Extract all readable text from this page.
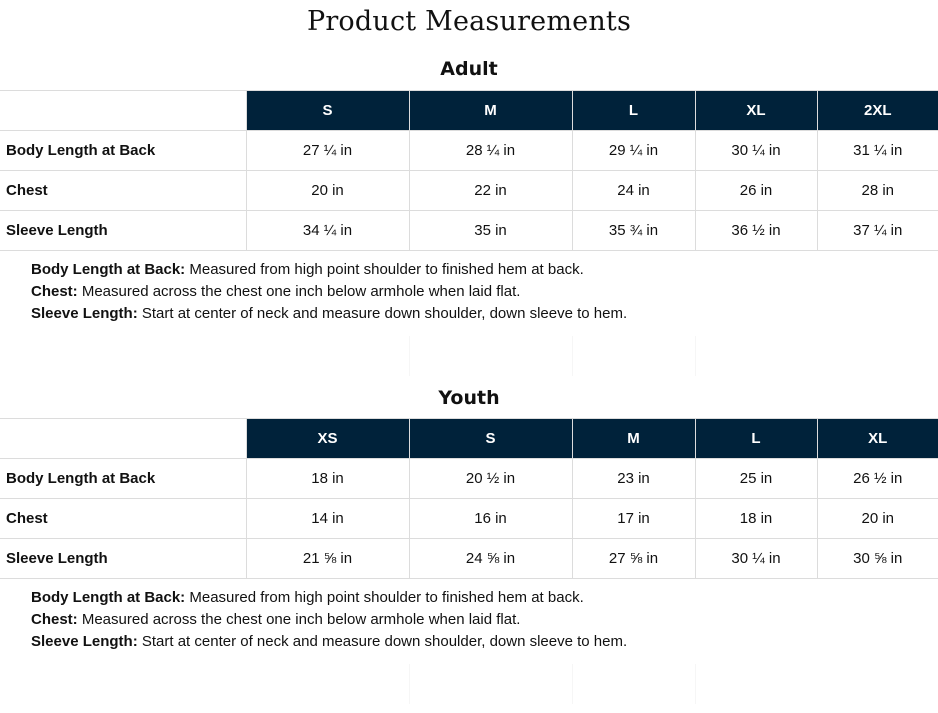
Product Measurements
Adult
	S	M	L	XL	2XL
Body Length at Back	27 ¼ in	28 ¼ in	29 ¼ in	30 ¼ in	31 ¼ in
Chest	20 in	22 in	24 in	26 in	28 in
Sleeve Length	34 ¼ in	35 in	35 ¾ in	36 ½ in	37 ¼ in
Body Length at Back: Measured from high point shoulder to finished hem at back.
Chest: Measured across the chest one inch below armhole when laid flat.
Sleeve Length: Start at center of neck and measure down shoulder, down sleeve to hem.
Youth
	XS	S	M	L	XL
Body Length at Back	18 in	20 ½ in	23 in	25 in	26 ½ in
Chest	14 in	16 in	17 in	18 in	20 in
Sleeve Length	21 ⅝ in	24 ⅝ in	27 ⅝ in	30 ¼ in	30 ⅝ in
Body Length at Back: Measured from high point shoulder to finished hem at back.
Chest: Measured across the chest one inch below armhole when laid flat.
Sleeve Length: Start at center of neck and measure down shoulder, down sleeve to hem.
